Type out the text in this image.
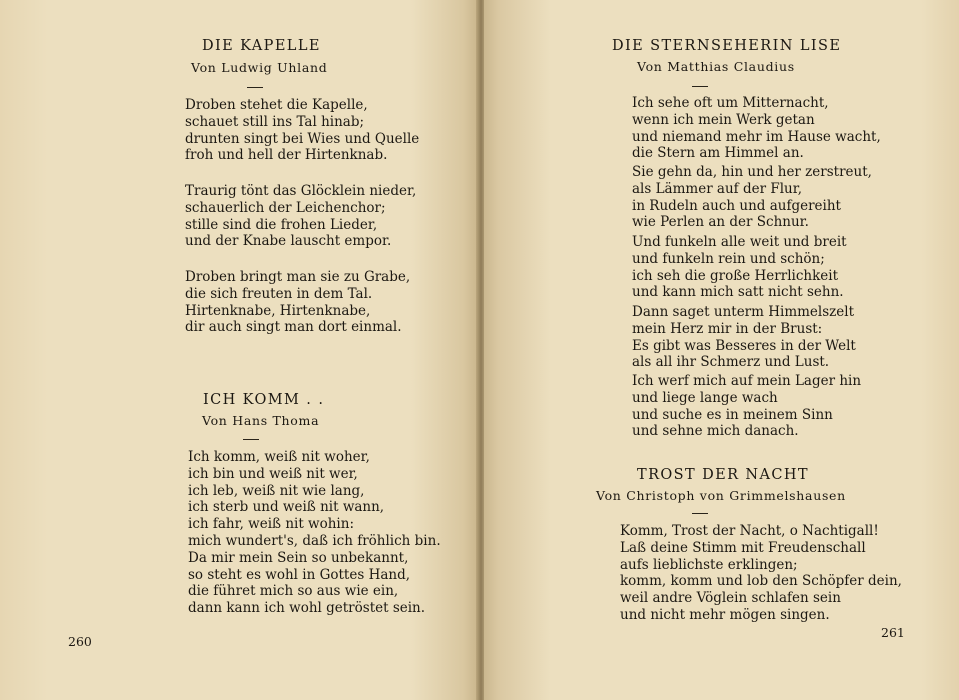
DIE KAPELLE
Von Ludwig Uhland
Droben stehet die Kapelle,
schauet still ins Tal hinab;
drunten singt bei Wies und Quelle
froh und hell der Hirtenknab.
Traurig tönt das Glöcklein nieder,
schauerlich der Leichenchor;
stille sind die frohen Lieder,
und der Knabe lauscht empor.
Droben bringt man sie zu Grabe,
die sich freuten in dem Tal.
Hirtenknabe, Hirtenknabe,
dir auch singt man dort einmal.
ICH KOMM . .
Von Hans Thoma
Ich komm, weiß nit woher,
ich bin und weiß nit wer,
ich leb, weiß nit wie lang,
ich sterb und weiß nit wann,
ich fahr, weiß nit wohin:
mich wundert's, daß ich fröhlich bin.
Da mir mein Sein so unbekannt,
so steht es wohl in Gottes Hand,
die führet mich so aus wie ein,
dann kann ich wohl getröstet sein.
260
DIE STERNSEHERIN LISE
Von Matthias Claudius
Ich sehe oft um Mitternacht,
wenn ich mein Werk getan
und niemand mehr im Hause wacht,
die Stern am Himmel an.
Sie gehn da, hin und her zerstreut,
als Lämmer auf der Flur,
in Rudeln auch und aufgereiht
wie Perlen an der Schnur.
Und funkeln alle weit und breit
und funkeln rein und schön;
ich seh die große Herrlichkeit
und kann mich satt nicht sehn.
Dann saget unterm Himmelszelt
mein Herz mir in der Brust:
Es gibt was Besseres in der Welt
als all ihr Schmerz und Lust.
Ich werf mich auf mein Lager hin
und liege lange wach
und suche es in meinem Sinn
und sehne mich danach.
TROST DER NACHT
Von Christoph von Grimmelshausen
Komm, Trost der Nacht, o Nachtigall!
Laß deine Stimm mit Freudenschall
aufs lieblichste erklingen;
komm, komm und lob den Schöpfer dein,
weil andre Vöglein schlafen sein
und nicht mehr mögen singen.
261
